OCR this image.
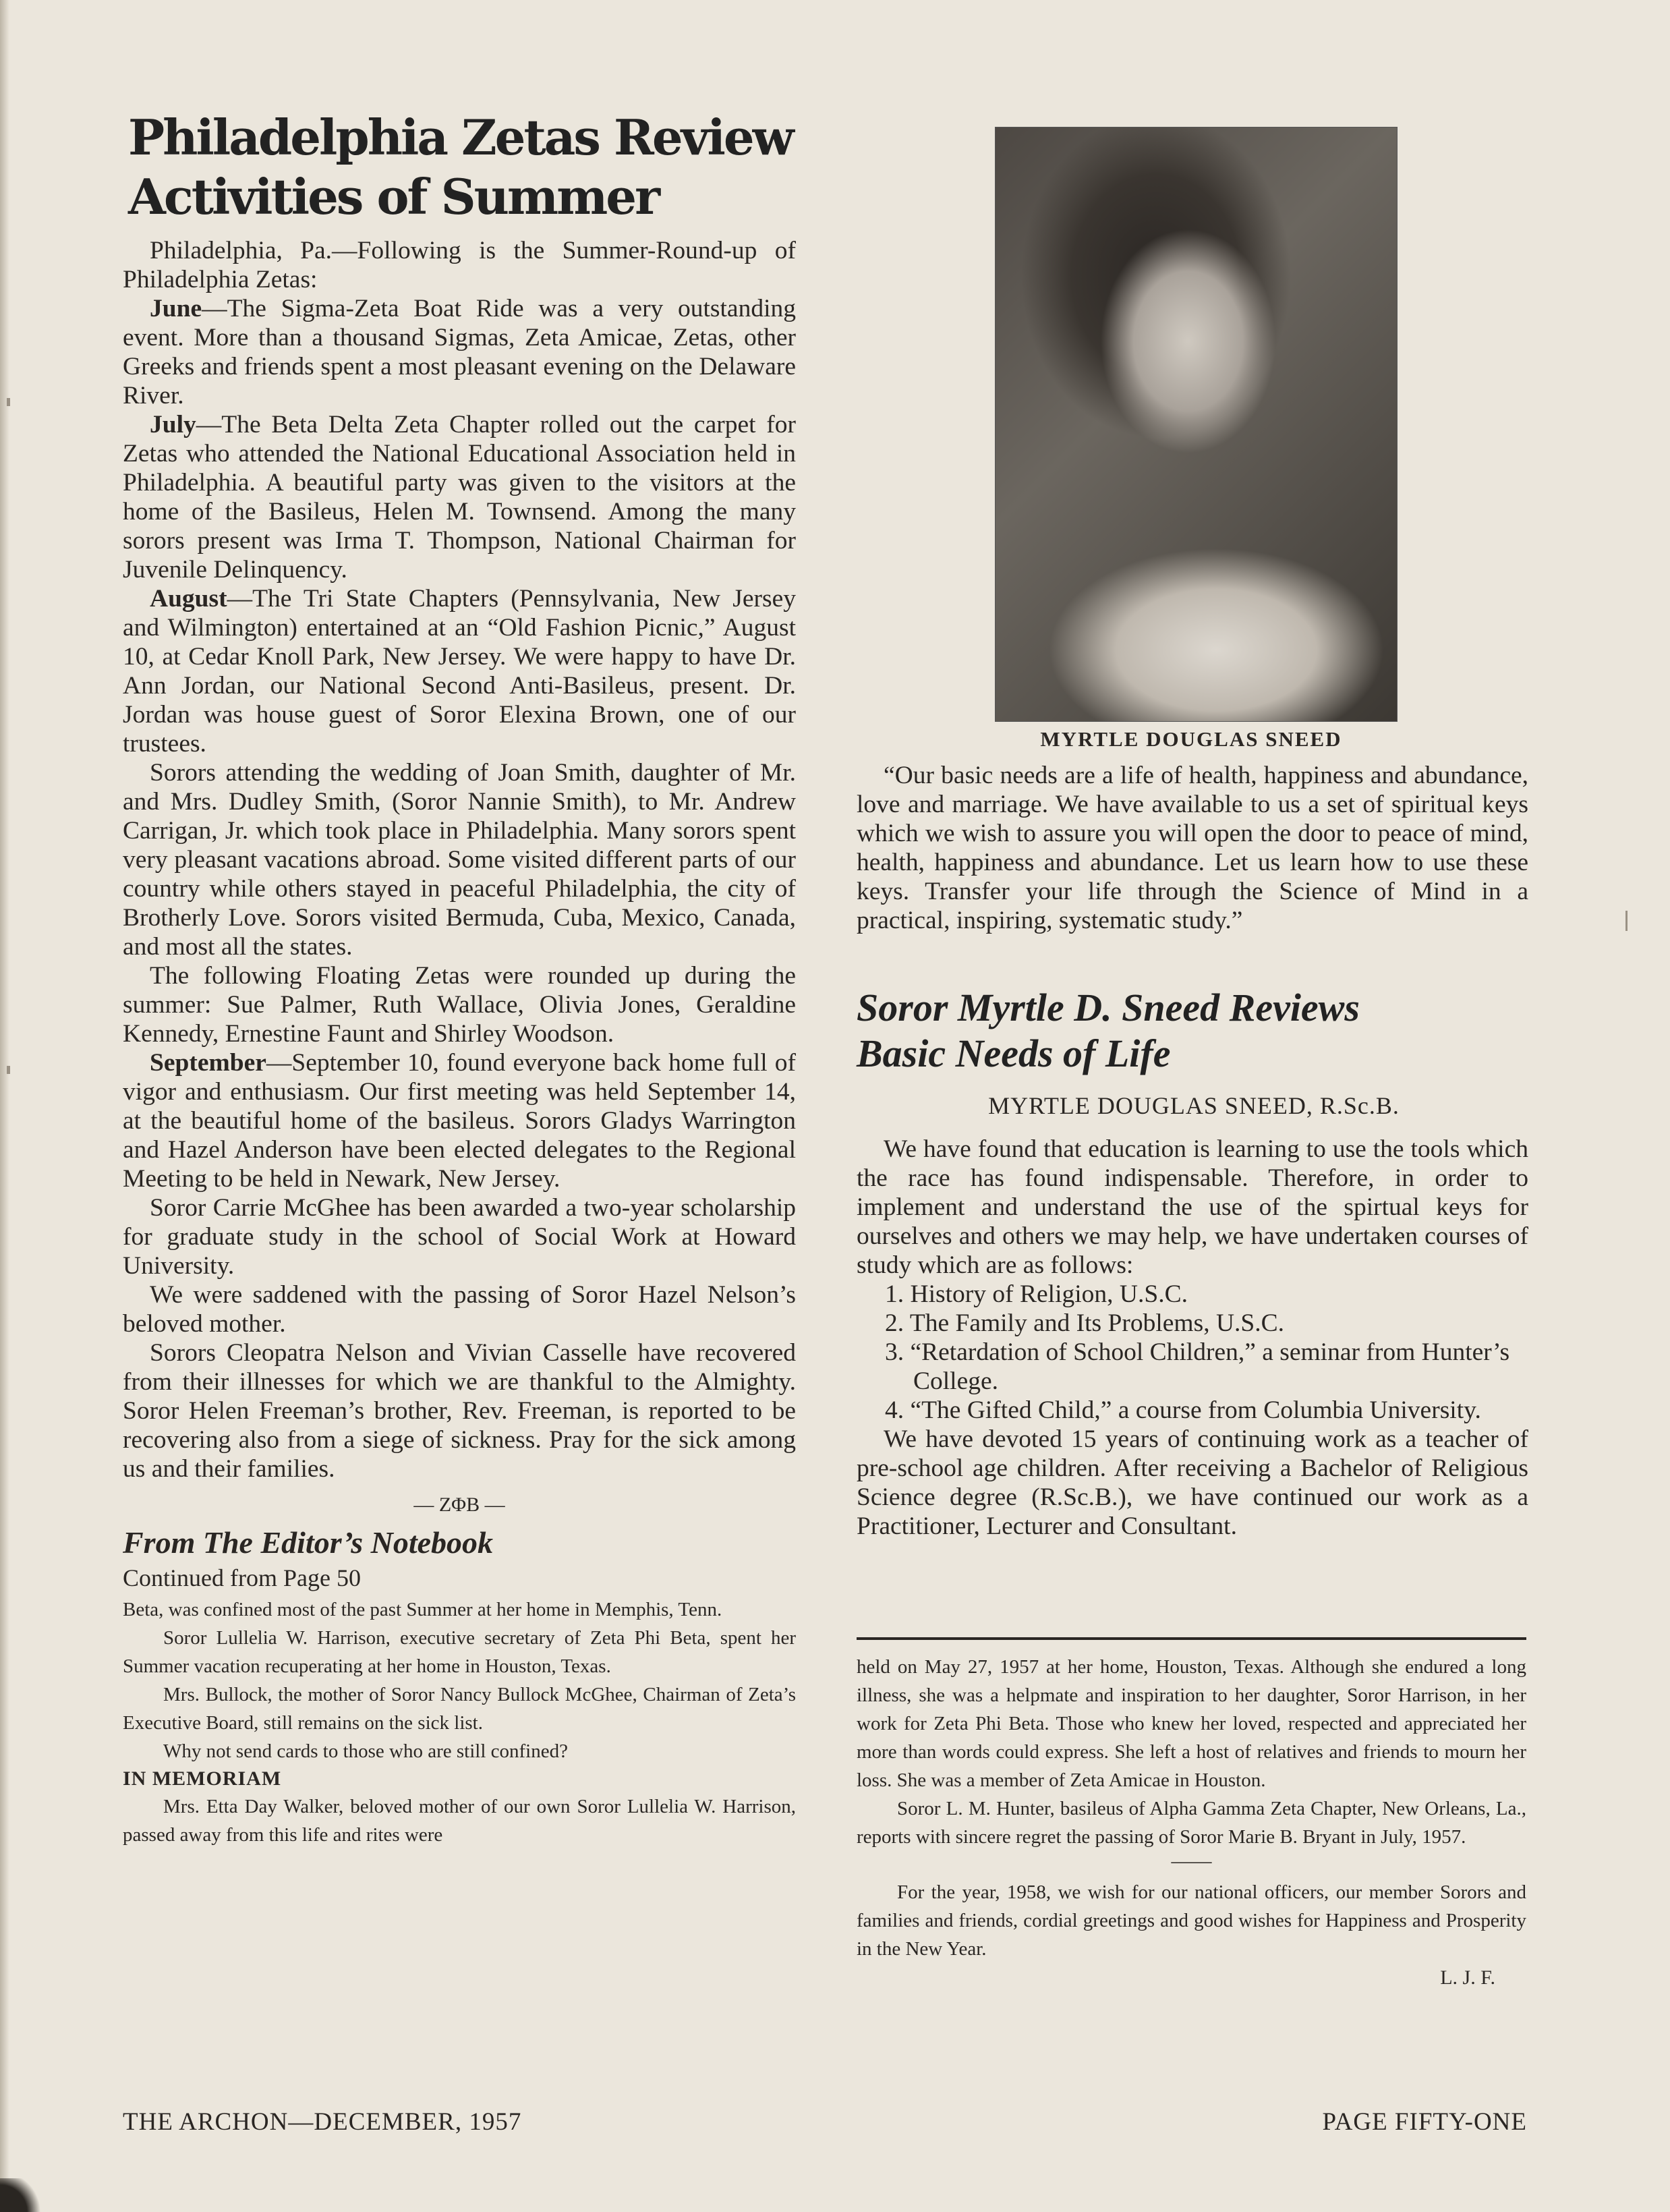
Philadelphia Zetas Review
Activities of Summer

Philadelphia, Pa.—Following is the Summer-Round-up of Philadelphia Zetas:

June—The Sigma-Zeta Boat Ride was a very outstanding event. More than a thousand Sigmas, Zeta Amicae, Zetas, other Greeks and friends spent a most pleasant evening on the Delaware River.

July—The Beta Delta Zeta Chapter rolled out the carpet for Zetas who attended the National Educational Association held in Philadelphia. A beautiful party was given to the visitors at the home of the Basileus, Helen M. Townsend. Among the many sorors present was Irma T. Thompson, National Chairman for Juvenile Delinquency.

August—The Tri State Chapters (Pennsylvania, New Jersey and Wilmington) entertained at an “Old Fashion Picnic,” August 10, at Cedar Knoll Park, New Jersey. We were happy to have Dr. Ann Jordan, our National Second Anti-Basileus, present. Dr. Jordan was house guest of Soror Elexina Brown, one of our trustees.

Sorors attending the wedding of Joan Smith, daughter of Mr. and Mrs. Dudley Smith, (Soror Nannie Smith), to Mr. Andrew Carrigan, Jr. which took place in Philadelphia. Many sorors spent very pleasant vacations abroad. Some visited different parts of our country while others stayed in peaceful Philadelphia, the city of Brotherly Love. Sorors visited Bermuda, Cuba, Mexico, Canada, and most all the states.

The following Floating Zetas were rounded up during the summer: Sue Palmer, Ruth Wallace, Olivia Jones, Geraldine Kennedy, Ernestine Faunt and Shirley Woodson.

September—September 10, found everyone back home full of vigor and enthusiasm. Our first meeting was held September 14, at the beautiful home of the basileus. Sorors Gladys Warrington and Hazel Anderson have been elected delegates to the Regional Meeting to be held in Newark, New Jersey.

Soror Carrie McGhee has been awarded a two-year scholarship for graduate study in the school of Social Work at Howard University.

We were saddened with the passing of Soror Hazel Nelson’s beloved mother.

Sorors Cleopatra Nelson and Vivian Casselle have recovered from their illnesses for which we are thankful to the Almighty. Soror Helen Freeman’s brother, Rev. Freeman, is reported to be recovering also from a siege of sickness. Pray for the sick among us and their families.

— ZΦB —
From The Editor’s Notebook
Continued from Page 50

Beta, was confined most of the past Summer at her home in Memphis, Tenn.

Soror Lullelia W. Harrison, executive secretary of Zeta Phi Beta, spent her Summer vacation recuperating at her home in Houston, Texas.

Mrs. Bullock, the mother of Soror Nancy Bullock McGhee, Chairman of Zeta’s Executive Board, still remains on the sick list.

Why not send cards to those who are still confined?

IN MEMORIAM

Mrs. Etta Day Walker, beloved mother of our own Soror Lullelia W. Harrison, passed away from this life and rites were

MYRTLE DOUGLAS SNEED

“Our basic needs are a life of health, happiness and abundance, love and marriage. We have available to us a set of spiritual keys which we wish to assure you will open the door to peace of mind, health, happiness and abundance. Let us learn how to use these keys. Transfer your life through the Science of Mind in a practical, inspiring, systematic study.”

Soror Myrtle D. Sneed Reviews
Basic Needs of Life
MYRTLE DOUGLAS SNEED, R.Sc.B.

We have found that education is learning to use the tools which the race has found indispensable. Therefore, in order to implement and understand the use of the spirtual keys for ourselves and others we may help, we have undertaken courses of study which are as follows:

1. History of Religion, U.S.C.
2. The Family and Its Problems, U.S.C.
3. “Retardation of School Children,” a seminar from Hunter’s College.
4. “The Gifted Child,” a course from Columbia University.

We have devoted 15 years of continuing work as a teacher of pre-school age children. After receiving a Bachelor of Religious Science degree (R.Sc.B.), we have continued our work as a Practitioner, Lecturer and Consultant.

held on May 27, 1957 at her home, Houston, Texas. Although she endured a long illness, she was a helpmate and inspiration to her daughter, Soror Harrison, in her work for Zeta Phi Beta. Those who knew her loved, respected and appreciated her more than words could express. She left a host of relatives and friends to mourn her loss. She was a member of Zeta Amicae in Houston.

Soror L. M. Hunter, basileus of Alpha Gamma Zeta Chapter, New Orleans, La., reports with sincere regret the passing of Soror Marie B. Bryant in July, 1957.

——

For the year, 1958, we wish for our national officers, our member Sorors and families and friends, cordial greetings and good wishes for Happiness and Prosperity in the New Year.

L. J. F.

THE ARCHON—DECEMBER, 1957	PAGE FIFTY-ONE
